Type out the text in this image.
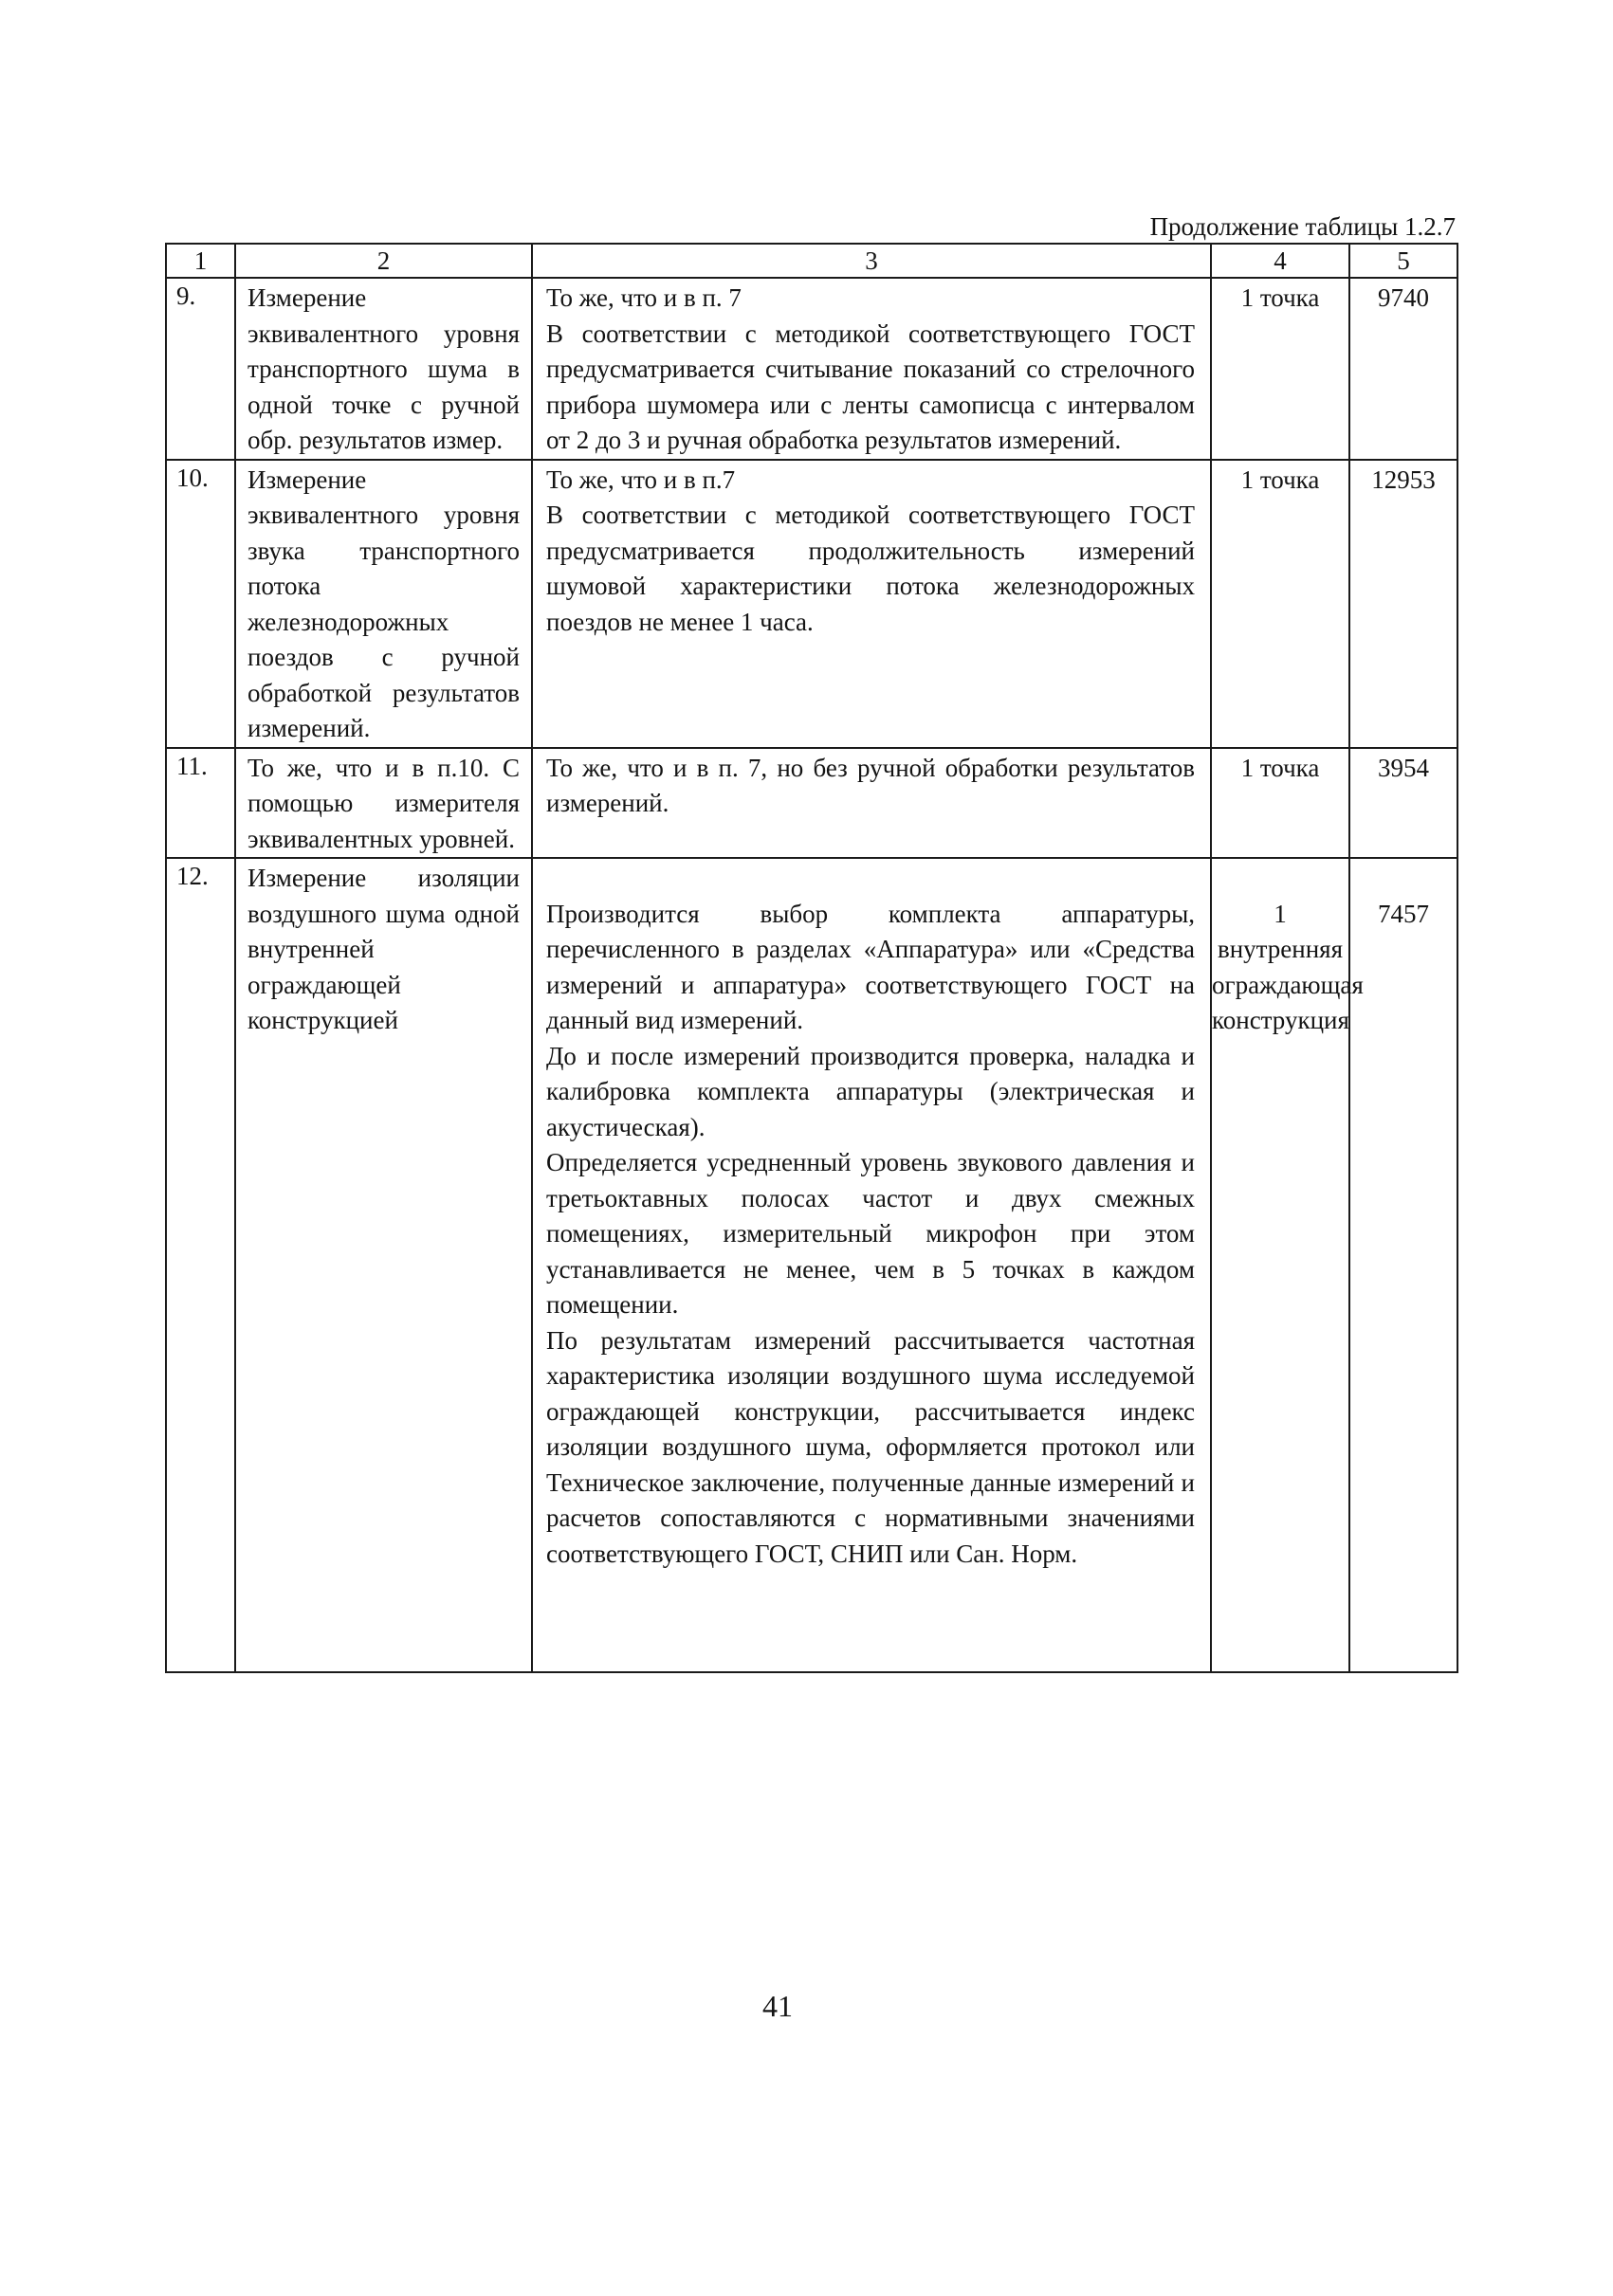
Продолжение таблицы 1.2.7
1	2	3	4	5
9.	Измерение эквивалентного уровня транспортного шума в одной точке с ручной обр. результатов измер.	То же, что и в п. 7
В соответствии с методикой соответствующего ГОСТ предусматривается считывание показаний со стрелочного прибора шумомера или с ленты самописца с интервалом от 2 до 3 и ручная обработка результатов измерений.	1 точка	9740
10.	Измерение эквивалентного уровня звука транспортного потока железнодорожных поездов с ручной обработкой результатов измерений.	То же, что и в п.7
В соответствии с методикой соответствующего ГОСТ предусматривается продолжительность измерений шумовой характеристики потока железнодорожных поездов не менее 1 часа.	1 точка	12953
11.	То же, что и в п.10. С помощью измерителя эквивалентных уровней.	То же, что и в п. 7, но без ручной обработки результатов измерений.	1 точка	3954
12.	Измерение изоляции воздушного шума одной внутренней ограждающей конструкцией	Производится выбор комплекта аппаратуры, перечисленного в разделах «Аппаратура» или «Средства измерений и аппаратура» соответствующего ГОСТ на данный вид измерений.
До и после измерений производится проверка, наладка и калибровка комплекта аппаратуры (электрическая и акустическая).
Определяется усредненный уровень звукового давления и третьоктавных полосах частот и двух смежных помещениях, измерительный микрофон при этом устанавливается не менее, чем в 5 точках в каждом помещении.
По результатам измерений рассчитывается частотная характеристика изоляции воздушного шума исследуемой ограждающей конструкции, рассчитывается индекс изоляции воздушного шума, оформляется протокол или Техническое заключение, полученные данные измерений и расчетов сопоставляются с нормативными значениями соответствующего ГОСТ, СНИП или Сан. Норм.	1 внутренняя ограждающая конструкция	7457
41
